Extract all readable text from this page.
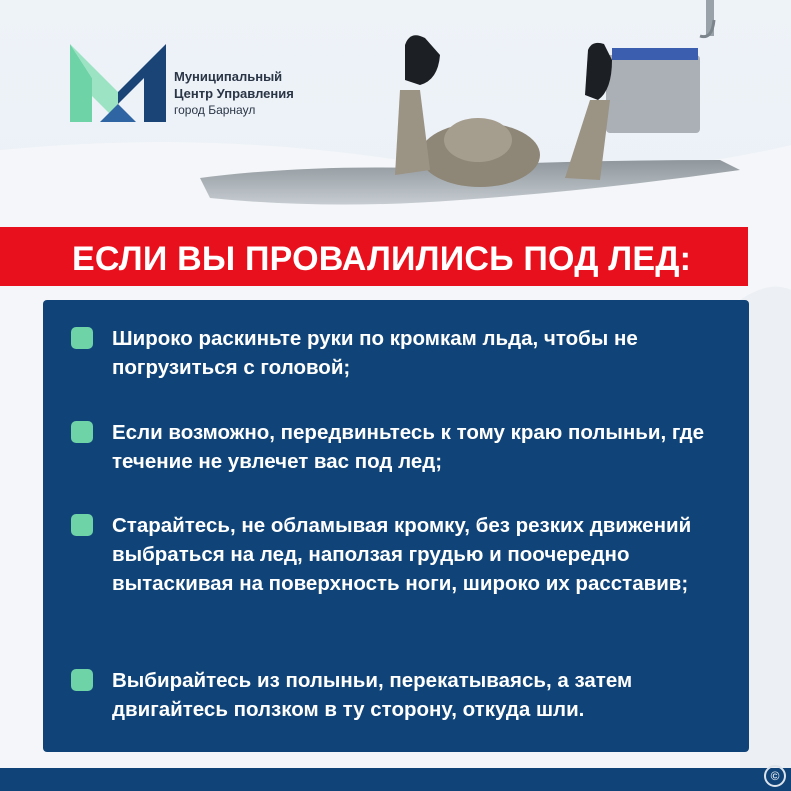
Муниципальный
Центр Управления
город Барнаул
ЕСЛИ ВЫ ПРОВАЛИЛИСЬ ПОД ЛЕД:
Широко раскиньте руки по кромкам льда, чтобы не погрузиться с головой;
Если возможно, передвиньтесь к тому краю полыньи, где течение не увлечет вас под лед;
Старайтесь, не обламывая кромку, без резких движений выбраться на лед, наползая грудью и поочередно вытаскивая на поверхность ноги, широко их расставив;
Выбирайтесь из полыньи, перекатываясь, а затем двигайтесь ползком в ту сторону, откуда шли.
©
